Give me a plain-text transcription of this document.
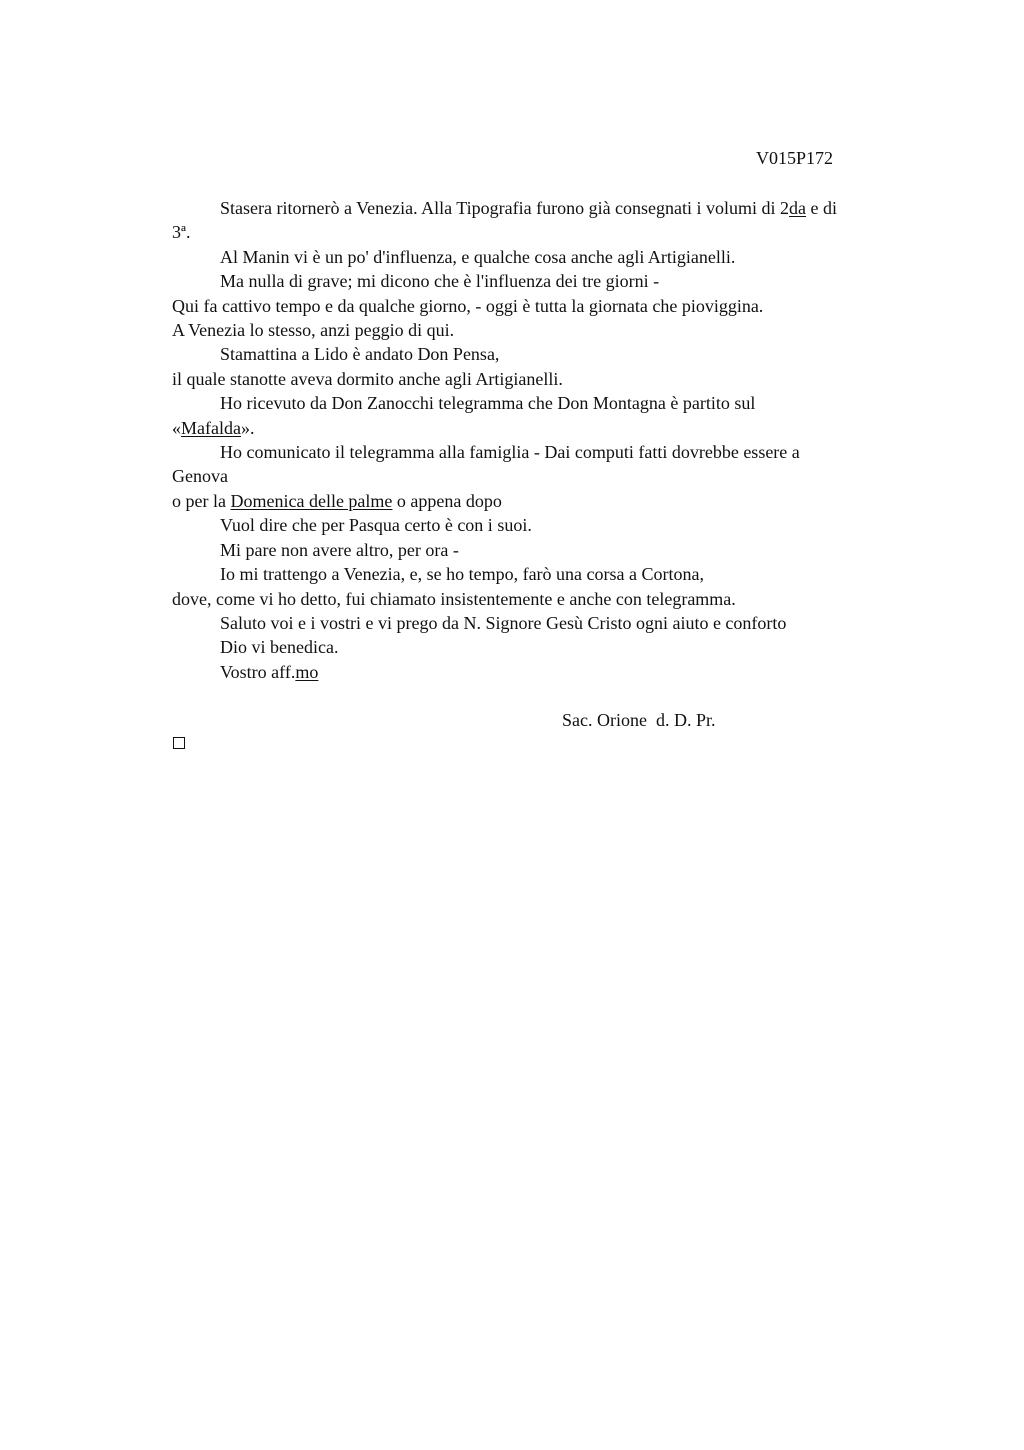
V015P172
Stasera ritornerò a Venezia. Alla Tipografia furono già consegnati i volumi di 2da e di
3ª.
Al Manin vi è un po' d'influenza, e qualche cosa anche agli Artigianelli.
Ma nulla di grave; mi dicono che è l'influenza dei tre giorni -
Qui fa cattivo tempo e da qualche giorno, - oggi è tutta la giornata che pioviggina.
A Venezia lo stesso, anzi peggio di qui.
Stamattina a Lido è andato Don Pensa,
il quale stanotte aveva dormito anche agli Artigianelli.
Ho ricevuto da Don Zanocchi telegramma che Don Montagna è partito sul
«Mafalda».
Ho comunicato il telegramma alla famiglia - Dai computi fatti dovrebbe essere a
Genova
o per la Domenica delle palme o appena dopo
Vuol dire che per Pasqua certo è con i suoi.
Mi pare non avere altro, per ora -
Io mi trattengo a Venezia, e, se ho tempo, farò una corsa a Cortona,
dove, come vi ho detto, fui chiamato insistentemente e anche con telegramma.
Saluto voi e i vostri e vi prego da N. Signore Gesù Cristo ogni aiuto e conforto
Dio vi benedica.
Vostro aff.mo
Sac. Orione  d. D. Pr.
